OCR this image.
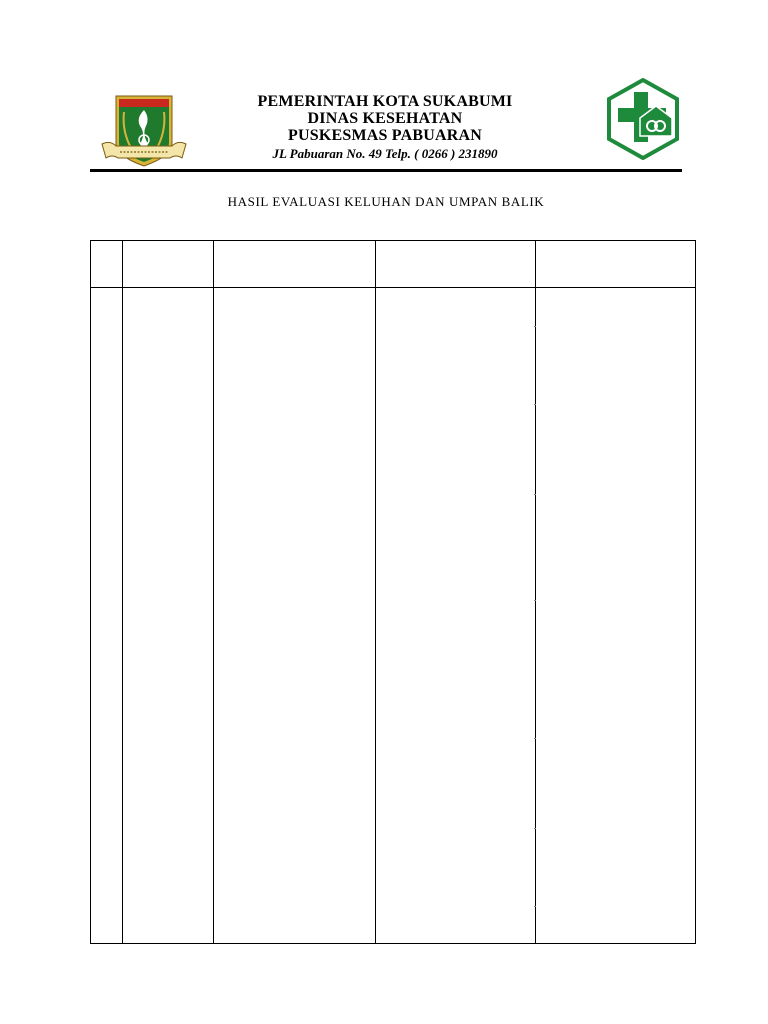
PEMERINTAH KOTA SUKABUMI
DINAS KESEHATAN
PUSKESMAS PABUARAN
JL Pabuaran No. 49 Telp. ( 0266 ) 231890
HASIL EVALUASI KELUHAN DAN UMPAN BALIK
